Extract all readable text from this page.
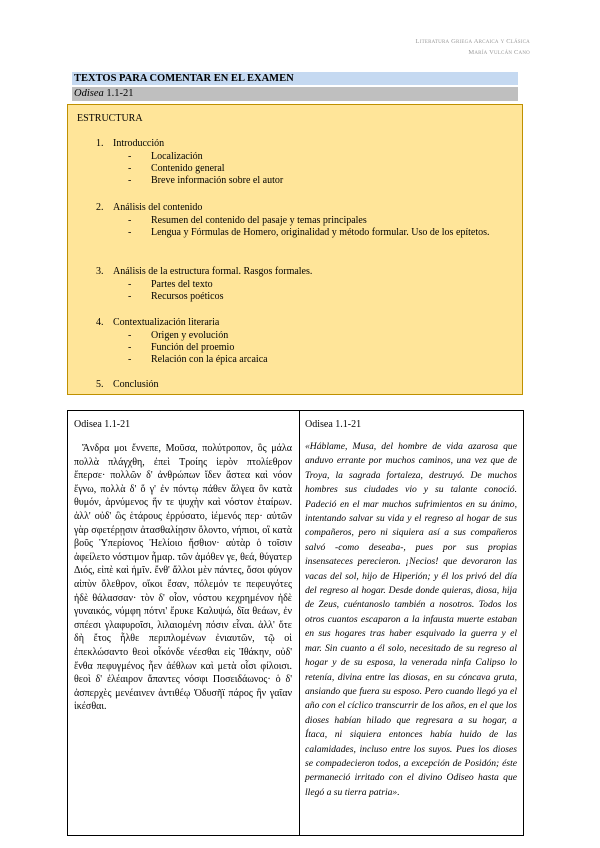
Literatura Griega Arcaica y Clásica
María Vulcán Cano
TEXTOS PARA COMENTAR EN EL EXAMEN
Odisea 1.1-21
ESTRUCTURA
1. Introducción
- Localización
- Contenido general
- Breve información sobre el autor
2. Análisis del contenido
- Resumen del contenido del pasaje y temas principales
- Lengua y Fórmulas de Homero, originalidad y método formular. Uso de los epítetos.
3. Análisis de la estructura formal. Rasgos formales.
- Partes del texto
- Recursos poéticos
4. Contextualización literaria
- Origen y evolución
- Función del proemio
- Relación con la épica arcaica
5. Conclusión
Odisea 1.1-21

Ἄνδρα μοι ἔννεπε, Μοῦσα, πολύτροπον, ὃς μάλα πολλὰ πλάγχθη, ἐπεὶ Τροίης ἱερὸν πτολίεθρον ἔπερσε· πολλῶν δ' ἀνθρώπων ἴδεν ἄστεα καὶ νόον ἔγνω, πολλὰ δ' ὅ γ' ἐν πόντῳ πάθεν ἄλγεα ὃν κατὰ θυμόν, ἀρνύμενος ἥν τε ψυχὴν καὶ νόστον ἑταίρων. ἀλλ' οὐδ' ὣς ἑτάρους ἐρρύσατο, ἱέμενός περ· αὐτῶν γὰρ σφετέρῃσιν ἀτασθαλίῃσιν ὄλοντο, νήπιοι, οἳ κατὰ βοῦς Ὑπερίονος Ἠελίοιο ἤσθιον· αὐτὰρ ὁ τοῖσιν ἀφείλετο νόστιμον ἦμαρ. τῶν ἁμόθεν γε, θεά, θύγατερ Διός, εἰπὲ καὶ ἡμῖν. ἔνθ' ἄλλοι μὲν πάντες, ὅσοι φύγον αἰπὺν ὄλεθρον, οἴκοι ἔσαν, πόλεμόν τε πεφευγότες ἠδὲ θάλασσαν· τὸν δ' οἶον, νόστου κεχρημένον ἠδὲ γυναικός, νύμφη πότνι' ἔρυκε Καλυψώ, δῖα θεάων, ἐν σπέεσι γλαφυροῖσι, λιλαιομένη πόσιν εἶναι. ἀλλ' ὅτε δὴ ἔτος ἦλθε περιπλομένων ἐνιαυτῶν, τῷ οἱ ἐπεκλώσαντο θεοὶ οἶκόνδε νέεσθαι εἰς Ἰθάκην, οὐδ' ἔνθα πεφυγμένος ἦεν ἀέθλων καὶ μετὰ οἷσι φίλοισι. θεοὶ δ' ἐλέαιρον ἅπαντες νόσφι Ποσειδάωνος· ὁ δ' ἀσπερχὲς μενέαινεν ἀντιθέῳ Ὀδυσῆϊ πάρος ἣν γαῖαν ἱκέσθαι.

Odisea 1.1-21

«Háblame, Musa, del hombre de vida azarosa que anduvo errante por muchos caminos, una vez que de Troya, la sagrada fortaleza, destruyó. De muchos hombres sus ciudades vio y su talante conoció. Padeció en el mar muchos sufrimientos en su ánimo, intentando salvar su vida y el regreso al hogar de sus compañeros, pero ni siquiera así a sus compañeros salvó -como deseaba-, pues por sus propias insensateces perecieron. ¡Necios! que devoraron las vacas del sol, hijo de Hiperión; y él los privó del día del regreso al hogar. Desde donde quieras, diosa, hija de Zeus, cuéntanoslo también a nosotros. Todos los otros cuantos escaparon a la infausta muerte estaban en sus hogares tras haber esquivado la guerra y el mar. Sin cuanto a él solo, necesitado de su regreso al hogar y de su esposa, la venerada ninfa Calipso lo retenía, divina entre las diosas, en su cóncava gruta, ansiando que fuera su esposo. Pero cuando llegó ya el año con el cíclico transcurrir de los años, en el que los dioses habían hilado que regresara a su hogar, a Ítaca, ni siquiera entonces había huido de las calamidades, incluso entre los suyos. Pues los dioses se compadecieron todos, a excepción de Posidón; éste permaneció irritado con el divino Odiseo hasta que llegó a su tierra patria».
